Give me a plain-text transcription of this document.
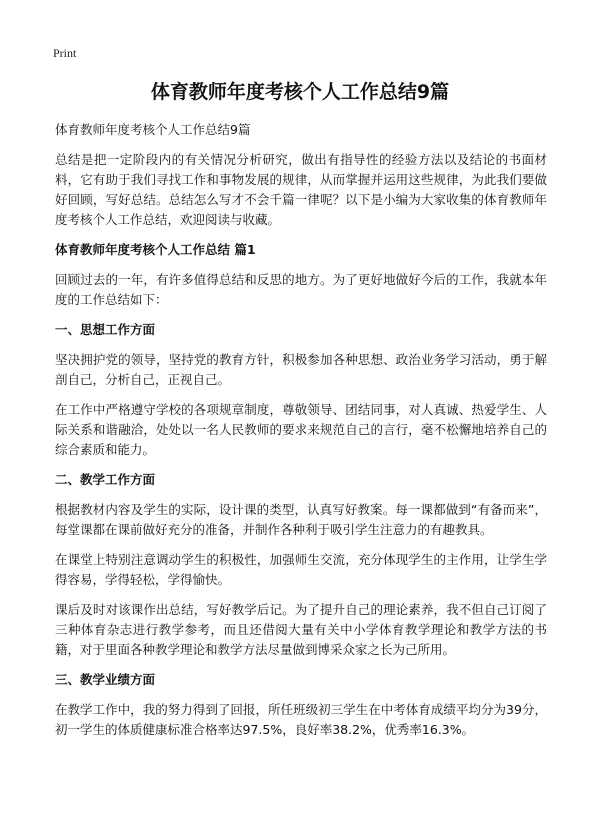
Print
体育教师年度考核个人工作总结9篇

体育教师年度考核个人工作总结9篇

总结是把一定阶段内的有关情况分析研究，做出有指导性的经验方法以及结论的书面材料，它有助于我们寻找工作和事物发展的规律，从而掌握并运用这些规律，为此我们要做好回顾，写好总结。总结怎么写才不会千篇一律呢？以下是小编为大家收集的体育教师年度考核个人工作总结，欢迎阅读与收藏。

体育教师年度考核个人工作总结 篇1

回顾过去的一年，有许多值得总结和反思的地方。为了更好地做好今后的工作，我就本年度的工作总结如下：

一、思想工作方面

坚决拥护党的领导，坚持党的教育方针，积极参加各种思想、政治业务学习活动，勇于解剖自己，分析自己，正视自己。

在工作中严格遵守学校的各项规章制度，尊敬领导、团结同事，对人真诚、热爱学生、人际关系和谐融洽，处处以一名人民教师的要求来规范自己的言行，毫不松懈地培养自己的综合素质和能力。

二、教学工作方面

根据教材内容及学生的实际，设计课的类型，认真写好教案。每一课都做到“有备而来”，每堂课都在课前做好充分的准备，并制作各种利于吸引学生注意力的有趣教具。

在课堂上特别注意调动学生的积极性，加强师生交流，充分体现学生的主作用，让学生学得容易，学得轻松，学得愉快。

课后及时对该课作出总结，写好教学后记。为了提升自己的理论素养，我不但自己订阅了三种体育杂志进行教学参考，而且还借阅大量有关中小学体育教学理论和教学方法的书籍，对于里面各种教学理论和教学方法尽量做到博采众家之长为己所用。

三、教学业绩方面

在教学工作中，我的努力得到了回报，所任班级初三学生在中考体育成绩平均分为39分，初一学生的体质健康标准合格率达97.5%，良好率38.2%，优秀率16.3%。
